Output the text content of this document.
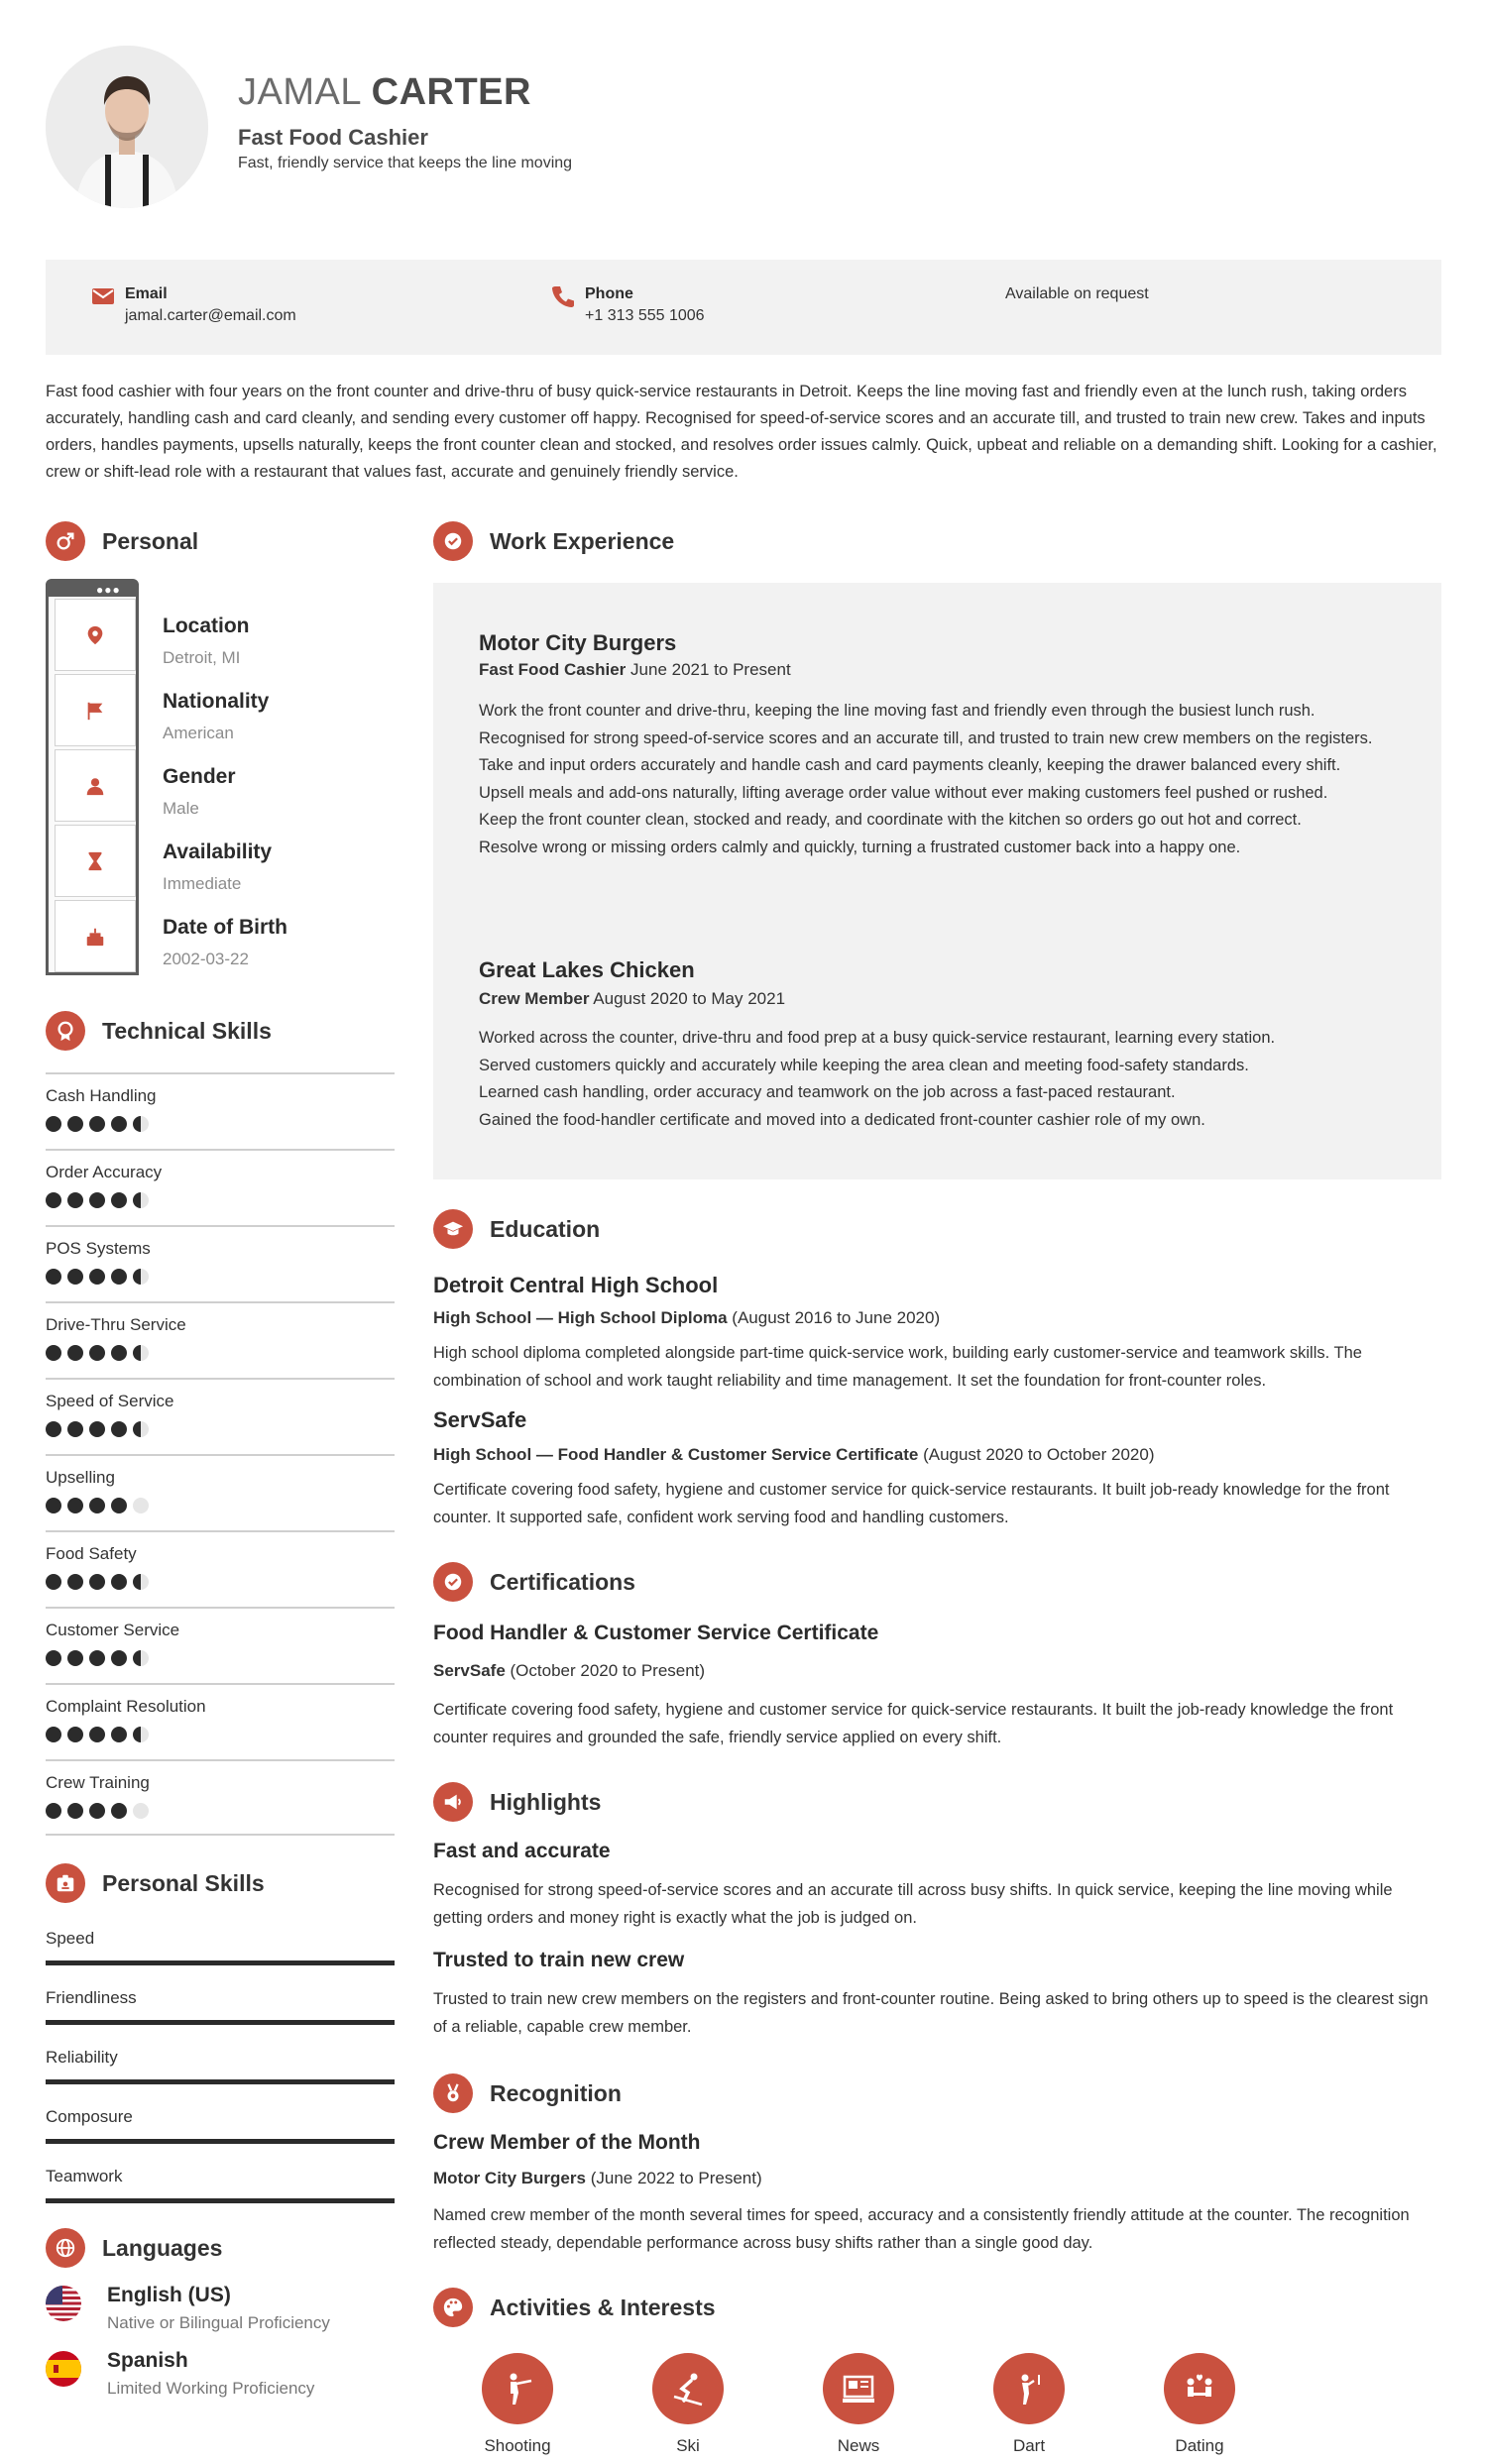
JAMAL CARTER
Fast Food Cashier
Fast, friendly service that keeps the line moving
Email
jamal.carter@email.com
Phone
+1 313 555 1006
Available on request
Fast food cashier with four years on the front counter and drive-thru of busy quick-service restaurants in Detroit. Keeps the line moving fast and friendly even at the lunch rush, taking orders accurately, handling cash and card cleanly, and sending every customer off happy. Recognised for speed-of-service scores and an accurate till, and trusted to train new crew. Takes and inputs orders, handles payments, upsells naturally, keeps the front counter clean and stocked, and resolves order issues calmly. Quick, upbeat and reliable on a demanding shift. Looking for a cashier, crew or shift-lead role with a restaurant that values fast, accurate and genuinely friendly service.
Personal
●●●
Location
Detroit, MI
Nationality
American
Gender
Male
Availability
Immediate
Date of Birth
2002-03-22
Technical Skills
Cash Handling
Order Accuracy
POS Systems
Drive-Thru Service
Speed of Service
Upselling
Food Safety
Customer Service
Complaint Resolution
Crew Training
Personal Skills
Speed
Friendliness
Reliability
Composure
Teamwork
Languages
English (US)
Native or Bilingual Proficiency
Spanish
Limited Working Proficiency
Work Experience
Motor City Burgers
Fast Food Cashier June 2021 to Present
Work the front counter and drive-thru, keeping the line moving fast and friendly even through the busiest lunch rush.
Recognised for strong speed-of-service scores and an accurate till, and trusted to train new crew members on the registers.
Take and input orders accurately and handle cash and card payments cleanly, keeping the drawer balanced every shift.
Upsell meals and add-ons naturally, lifting average order value without ever making customers feel pushed or rushed.
Keep the front counter clean, stocked and ready, and coordinate with the kitchen so orders go out hot and correct.
Resolve wrong or missing orders calmly and quickly, turning a frustrated customer back into a happy one.
Great Lakes Chicken
Crew Member August 2020 to May 2021
Worked across the counter, drive-thru and food prep at a busy quick-service restaurant, learning every station.
Served customers quickly and accurately while keeping the area clean and meeting food-safety standards.
Learned cash handling, order accuracy and teamwork on the job across a fast-paced restaurant.
Gained the food-handler certificate and moved into a dedicated front-counter cashier role of my own.
Education
Detroit Central High School
High School — High School Diploma (August 2016 to June 2020)
High school diploma completed alongside part-time quick-service work, building early customer-service and teamwork skills. The combination of school and work taught reliability and time management. It set the foundation for front-counter roles.
ServSafe
High School — Food Handler & Customer Service Certificate (August 2020 to October 2020)
Certificate covering food safety, hygiene and customer service for quick-service restaurants. It built job-ready knowledge for the front counter. It supported safe, confident work serving food and handling customers.
Certifications
Food Handler & Customer Service Certificate
ServSafe (October 2020 to Present)
Certificate covering food safety, hygiene and customer service for quick-service restaurants. It built the job-ready knowledge the front counter requires and grounded the safe, friendly service applied on every shift.
Highlights
Fast and accurate
Recognised for strong speed-of-service scores and an accurate till across busy shifts. In quick service, keeping the line moving while getting orders and money right is exactly what the job is judged on.
Trusted to train new crew
Trusted to train new crew members on the registers and front-counter routine. Being asked to bring others up to speed is the clearest sign of a reliable, capable crew member.
Recognition
Crew Member of the Month
Motor City Burgers (June 2022 to Present)
Named crew member of the month several times for speed, accuracy and a consistently friendly attitude at the counter. The recognition reflected steady, dependable performance across busy shifts rather than a single good day.
Activities & Interests
Shooting	Ski	News	Dart	Dating
